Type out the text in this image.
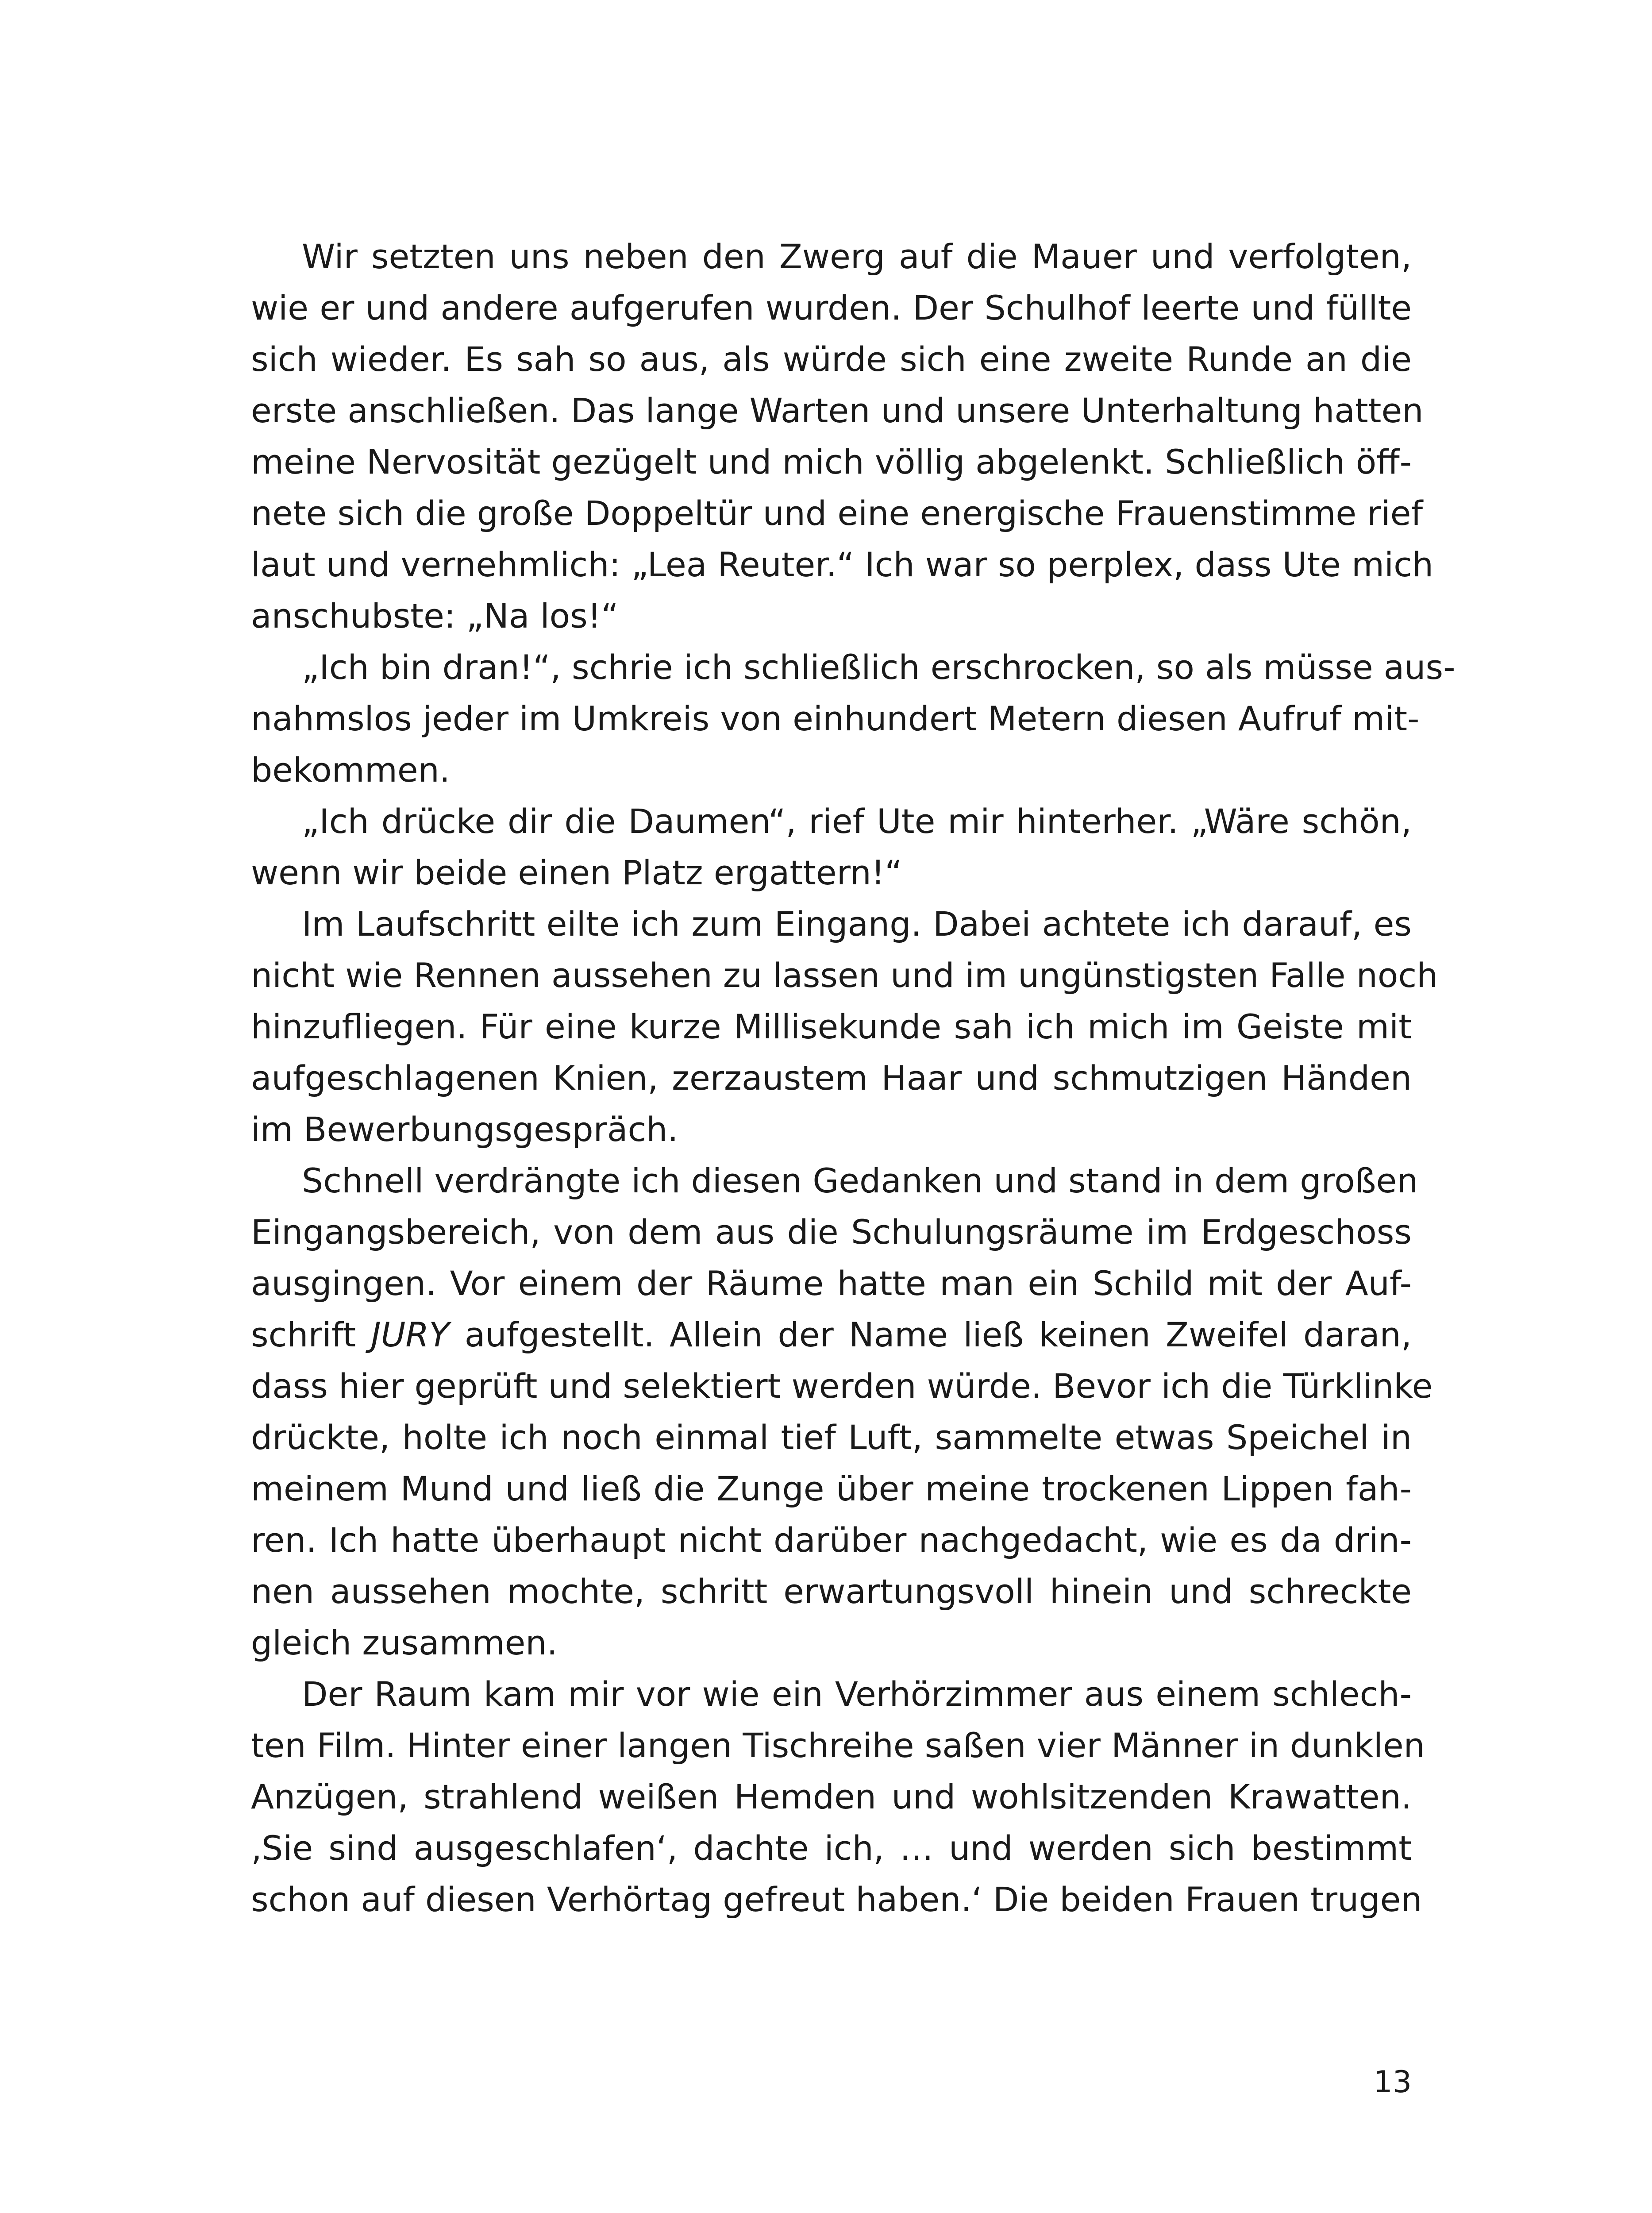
Wir setzten uns neben den Zwerg auf die Mauer und verfolgten,
wie er und andere aufgerufen wurden. Der Schulhof leerte und füllte
sich wieder. Es sah so aus, als würde sich eine zweite Runde an die
erste anschließen. Das lange Warten und unsere Unterhaltung hatten
meine Nervosität gezügelt und mich völlig abgelenkt. Schließlich öff-
nete sich die große Doppeltür und eine energische Frauenstimme rief
laut und vernehmlich: „Lea Reuter.“ Ich war so perplex, dass Ute mich
anschubste: „Na los!“
„Ich bin dran!“, schrie ich schließlich erschrocken, so als müsse aus-
nahmslos jeder im Umkreis von einhundert Metern diesen Aufruf mit-
bekommen.
„Ich drücke dir die Daumen“, rief Ute mir hinterher. „Wäre schön,
wenn wir beide einen Platz ergattern!“
Im Laufschritt eilte ich zum Eingang. Dabei achtete ich darauf, es
nicht wie Rennen aussehen zu lassen und im ungünstigsten Falle noch
hinzufliegen. Für eine kurze Millisekunde sah ich mich im Geiste mit
aufgeschlagenen Knien, zerzaustem Haar und schmutzigen Händen
im Bewerbungsgespräch.
Schnell verdrängte ich diesen Gedanken und stand in dem großen
Eingangsbereich, von dem aus die Schulungsräume im Erdgeschoss
ausgingen. Vor einem der Räume hatte man ein Schild mit der Auf-
schrift JURY aufgestellt. Allein der Name ließ keinen Zweifel daran,
dass hier geprüft und selektiert werden würde. Bevor ich die Türklinke
drückte, holte ich noch einmal tief Luft, sammelte etwas Speichel in
meinem Mund und ließ die Zunge über meine trockenen Lippen fah-
ren. Ich hatte überhaupt nicht darüber nachgedacht, wie es da drin-
nen aussehen mochte, schritt erwartungsvoll hinein und schreckte
gleich zusammen.
Der Raum kam mir vor wie ein Verhörzimmer aus einem schlech-
ten Film. Hinter einer langen Tischreihe saßen vier Männer in dunklen
Anzügen, strahlend weißen Hemden und wohlsitzenden Krawatten.
‚Sie sind ausgeschlafen‘, dachte ich, … und werden sich bestimmt
schon auf diesen Verhörtag gefreut haben.‘ Die beiden Frauen trugen
13
